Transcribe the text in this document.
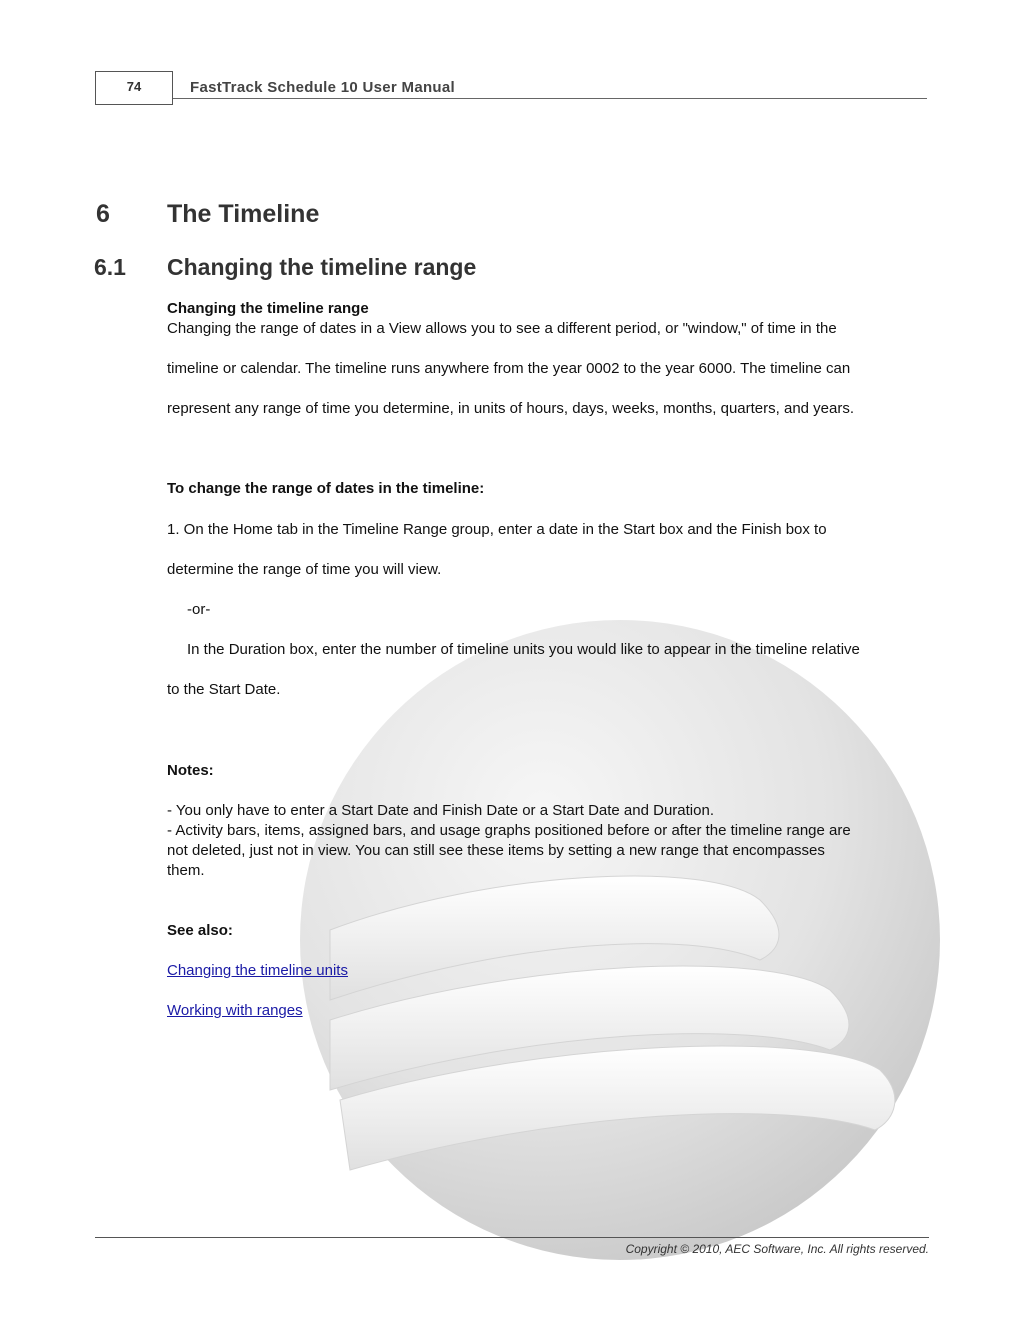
74	FastTrack Schedule 10 User Manual
6 The Timeline
6.1 Changing the timeline range
Changing the timeline range
Changing the range of dates in a View allows you to see a different period, or "window," of time in the
timeline or calendar. The timeline runs anywhere from the year 0002 to the year 6000. The timeline can
represent any range of time you determine, in units of hours, days, weeks, months, quarters, and years.
To change the range of dates in the timeline:
1. On the Home tab in the Timeline Range group, enter a date in the Start box and the Finish box to
determine the range of time you will view.
-or-
In the Duration box, enter the number of timeline units you would like to appear in the timeline relative
to the Start Date.
Notes:
- You only have to enter a Start Date and Finish Date or a Start Date and Duration.
- Activity bars, items, assigned bars, and usage graphs positioned before or after the timeline range are
not deleted, just not in view. You can still see these items by setting a new range that encompasses
them.
See also:
Changing the timeline units
Working with ranges
Copyright © 2010, AEC Software, Inc. All rights reserved.
